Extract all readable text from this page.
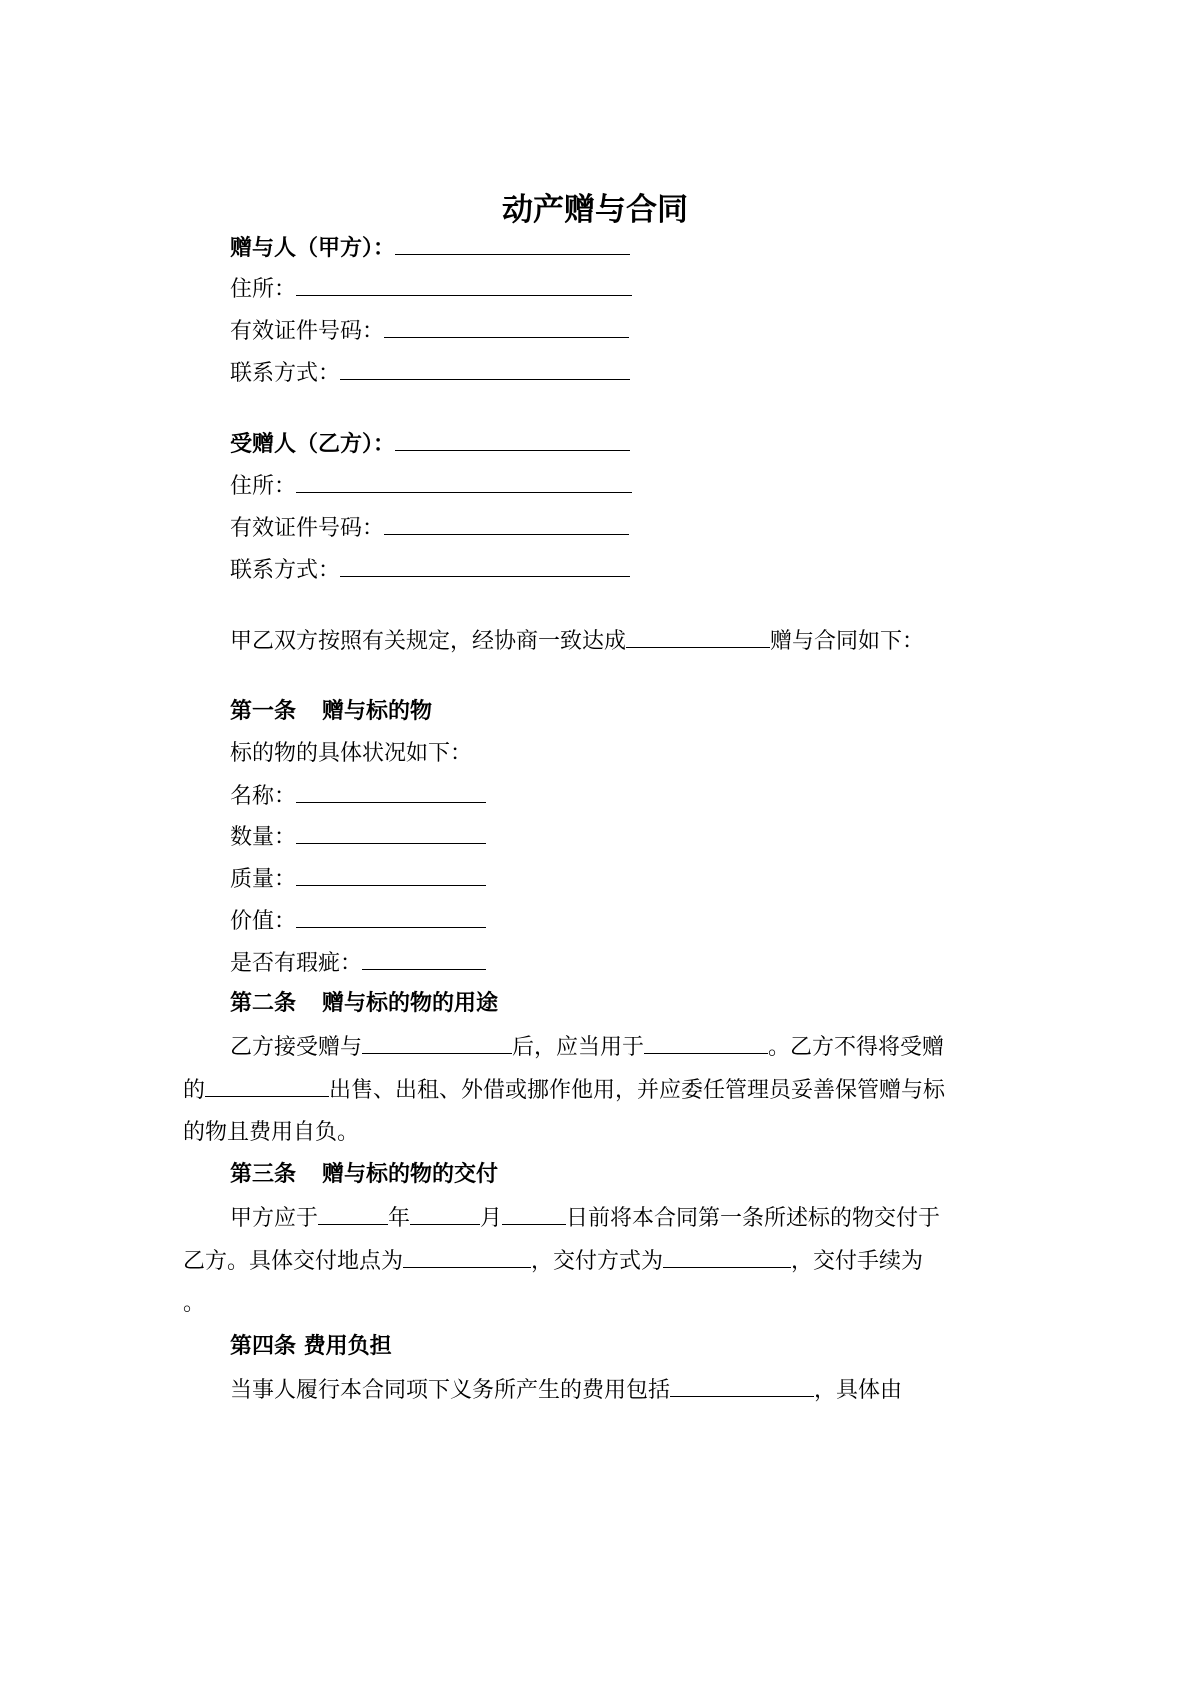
动产赠与合同
赠与人（甲方）：
住所：
有效证件号码：
联系方式：
受赠人（乙方）：
住所：
有效证件号码：
联系方式：
甲乙双方按照有关规定，经协商一致达成	赠与合同如下：
第一条 赠与标的物
标的物的具体状况如下：
名称：
数量：
质量：
价值：
是否有瑕疵：
第二条 赠与标的物的用途
乙方接受赠与	后，应当用于	。乙方不得将受赠
的	出售、出租、外借或挪作他用，并应委任管理员妥善保管赠与标
的物且费用自负。
第三条 赠与标的物的交付
甲方应于	年	月	日前将本合同第一条所述标的物交付于
乙方。具体交付地点为	，交付方式为	，交付手续为
。
第四条 费用负担
当事人履行本合同项下义务所产生的费用包括	，具体由
